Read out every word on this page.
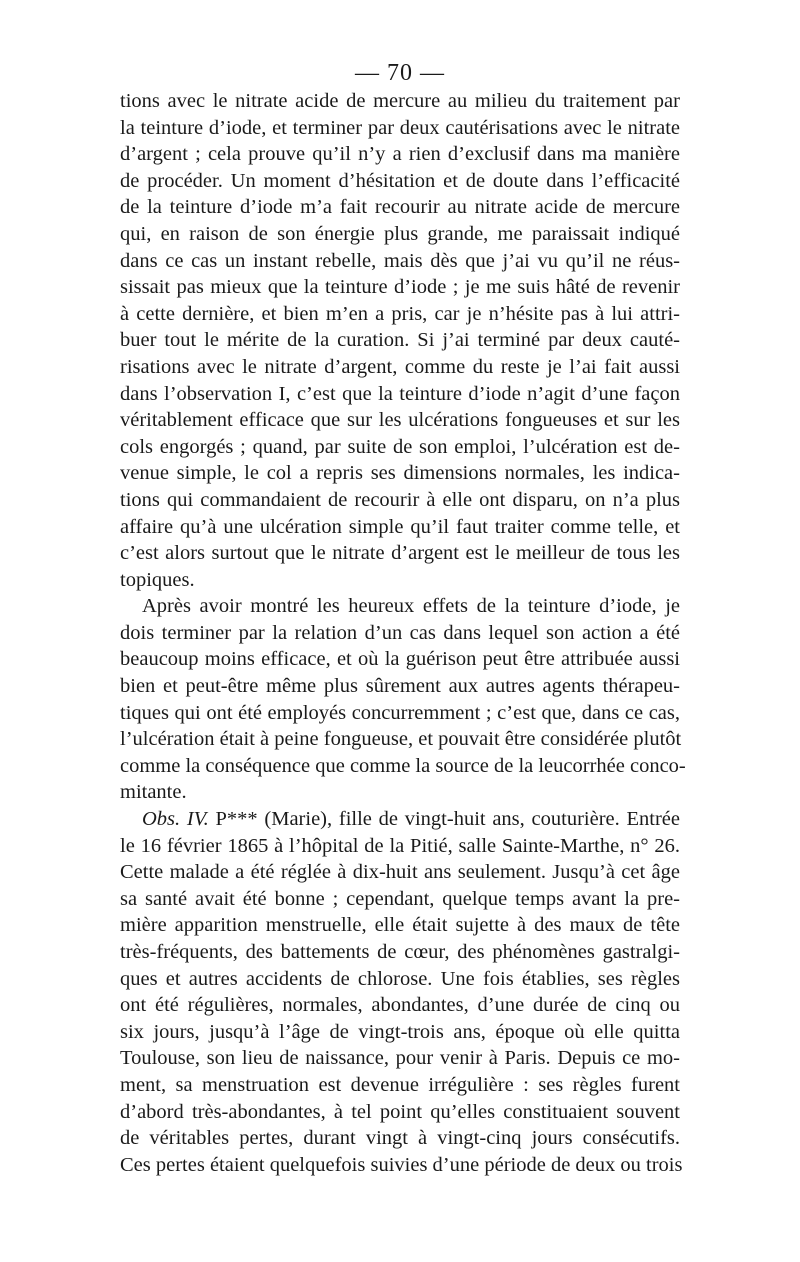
— 70 —
tions avec le nitrate acide de mercure au milieu du traitement par
la teinture d’iode, et terminer par deux cautérisations avec le nitrate
d’argent ; cela prouve qu’il n’y a rien d’exclusif dans ma manière
de procéder. Un moment d’hésitation et de doute dans l’efficacité
de la teinture d’iode m’a fait recourir au nitrate acide de mercure
qui, en raison de son énergie plus grande, me paraissait indiqué
dans ce cas un instant rebelle, mais dès que j’ai vu qu’il ne réus-
sissait pas mieux que la teinture d’iode ; je me suis hâté de revenir
à cette dernière, et bien m’en a pris, car je n’hésite pas à lui attri-
buer tout le mérite de la curation. Si j’ai terminé par deux cauté-
risations avec le nitrate d’argent, comme du reste je l’ai fait aussi
dans l’observation I, c’est que la teinture d’iode n’agit d’une façon
véritablement efficace que sur les ulcérations fongueuses et sur les
cols engorgés ; quand, par suite de son emploi, l’ulcération est de-
venue simple, le col a repris ses dimensions normales, les indica-
tions qui commandaient de recourir à elle ont disparu, on n’a plus
affaire qu’à une ulcération simple qu’il faut traiter comme telle, et
c’est alors surtout que le nitrate d’argent est le meilleur de tous les
topiques.
Après avoir montré les heureux effets de la teinture d’iode, je
dois terminer par la relation d’un cas dans lequel son action a été
beaucoup moins efficace, et où la guérison peut être attribuée aussi
bien et peut-être même plus sûrement aux autres agents thérapeu-
tiques qui ont été employés concurremment ; c’est que, dans ce cas,
l’ulcération était à peine fongueuse, et pouvait être considérée plutôt
comme la conséquence que comme la source de la leucorrhée conco-
mitante.
Obs. IV. P*** (Marie), fille de vingt-huit ans, couturière. Entrée
le 16 février 1865 à l’hôpital de la Pitié, salle Sainte-Marthe, n° 26.
Cette malade a été réglée à dix-huit ans seulement. Jusqu’à cet âge
sa santé avait été bonne ; cependant, quelque temps avant la pre-
mière apparition menstruelle, elle était sujette à des maux de tête
très-fréquents, des battements de cœur, des phénomènes gastralgi-
ques et autres accidents de chlorose. Une fois établies, ses règles
ont été régulières, normales, abondantes, d’une durée de cinq ou
six jours, jusqu’à l’âge de vingt-trois ans, époque où elle quitta
Toulouse, son lieu de naissance, pour venir à Paris. Depuis ce mo-
ment, sa menstruation est devenue irrégulière : ses règles furent
d’abord très-abondantes, à tel point qu’elles constituaient souvent
de véritables pertes, durant vingt à vingt-cinq jours consécutifs.
Ces pertes étaient quelquefois suivies d’une période de deux ou trois
